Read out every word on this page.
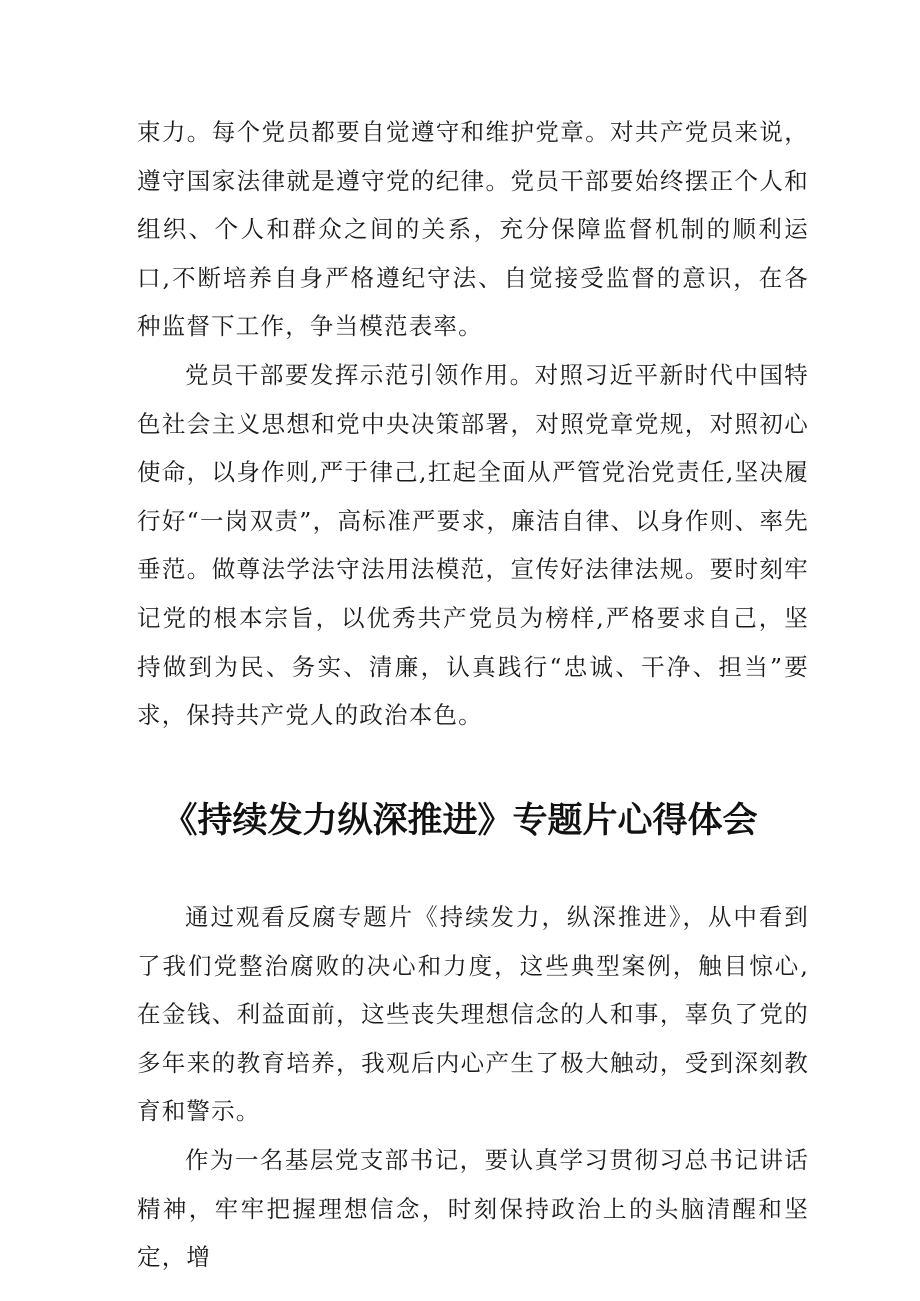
束力。每个党员都要自觉遵守和维护党章。对共产党员来说，遵守国家法律就是遵守党的纪律。党员干部要始终摆正个人和组织、个人和群众之间的关系，充分保障监督机制的顺利运口,不断培养自身严格遵纪守法、自觉接受监督的意识，在各种监督下工作，争当模范表率。

党员干部要发挥示范引领作用。对照习近平新时代中国特色社会主义思想和党中央决策部署，对照党章党规，对照初心使命，以身作则,严于律己,扛起全面从严管党治党责任,坚决履行好“一岗双责”，高标准严要求，廉洁自律、以身作则、率先垂范。做尊法学法守法用法模范，宣传好法律法规。要时刻牢记党的根本宗旨，以优秀共产党员为榜样,严格要求自己，坚持做到为民、务实、清廉，认真践行“忠诚、干净、担当”要求，保持共产党人的政治本色。

《持续发力纵深推进》专题片心得体会

通过观看反腐专题片《持续发力，纵深推进》，从中看到了我们党整治腐败的决心和力度，这些典型案例，触目惊心,在金钱、利益面前，这些丧失理想信念的人和事，辜负了党的多年来的教育培养，我观后内心产生了极大触动，受到深刻教育和警示。

作为一名基层党支部书记，要认真学习贯彻习总书记讲话精神，牢牢把握理想信念，时刻保持政治上的头脑清醒和坚定，增
